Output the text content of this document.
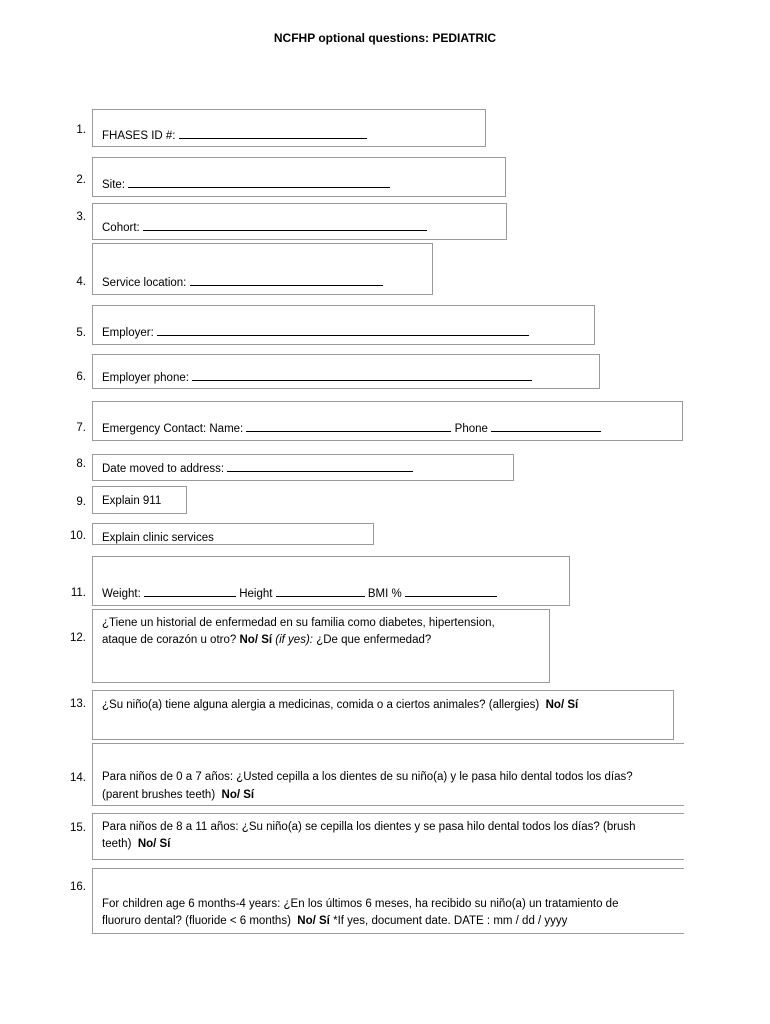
NCFHP optional questions: PEDIATRIC
1. FHASES ID #:
2. Site:
3.
Cohort:
4. Service location:
5. Employer:
6. Employer phone:
7. Emergency Contact: Name:	Phone
8. Date moved to address:
9. Explain 911
10. Explain clinic services
11. Weight:	Height	BMI %
12.
¿Tiene un historial de enfermedad en su familia como diabetes, hipertension,
ataque de corazón u otro? No/ Sí (if yes): ¿De que enfermedad?
13. ¿Su niño(a) tiene alguna alergia a medicinas, comida o a ciertos animales? (allergies) No/ Sí
14. Para niños de 0 a 7 años: ¿Usted cepilla a los dientes de su niño(a) y le pasa hilo dental todos los días?
(parent brushes teeth) No/ Sí
15. Para niños de 8 a 11 años: ¿Su niño(a) se cepilla los dientes y se pasa hilo dental todos los días? (brush
teeth) No/ Sí
16.
For children age 6 months-4 years: ¿En los últimos 6 meses, ha recibido su niño(a) un tratamiento de
fluoruro dental? (fluoride < 6 months) No/ Sí *If yes, document date. DATE : mm / dd / yyyy
